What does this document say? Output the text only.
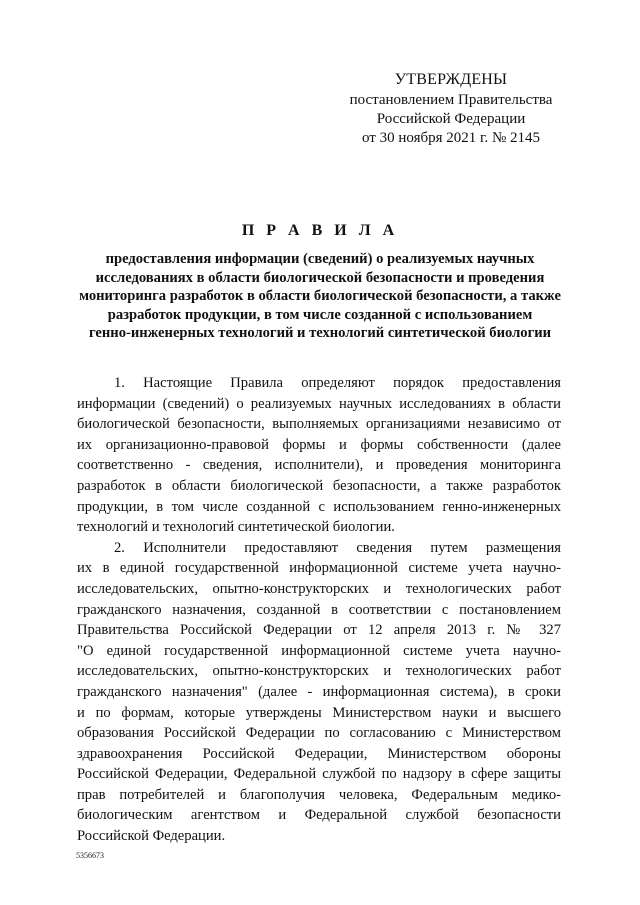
УТВЕРЖДЕНЫ
постановлением Правительства
Российской Федерации
от 30 ноября 2021 г. № 2145
П Р А В И Л А
предоставления информации (сведений) о реализуемых научных
исследованиях в области биологической безопасности и проведения
мониторинга разработок в области биологической безопасности, а также
разработок продукции, в том числе созданной с использованием
генно-инженерных технологий и технологий синтетической биологии
1. Настоящие Правила определяют порядок предоставления
информации (сведений) о реализуемых научных исследованиях в области
биологической безопасности, выполняемых организациями независимо от
их организационно-правовой формы и формы собственности (далее
соответственно - сведения, исполнители), и проведения мониторинга
разработок в области биологической безопасности, а также разработок
продукции, в том числе созданной с использованием генно-инженерных
технологий и технологий синтетической биологии.
2. Исполнители предоставляют сведения путем размещения
их в единой государственной информационной системе учета научно-
исследовательских, опытно-конструкторских и технологических работ
гражданского назначения, созданной в соответствии с постановлением
Правительства Российской Федерации от 12 апреля 2013 г. № 327
"О единой государственной информационной системе учета научно-
исследовательских, опытно-конструкторских и технологических работ
гражданского назначения" (далее - информационная система), в сроки
и по формам, которые утверждены Министерством науки и высшего
образования Российской Федерации по согласованию с Министерством
здравоохранения Российской Федерации, Министерством обороны
Российской Федерации, Федеральной службой по надзору в сфере защиты
прав потребителей и благополучия человека, Федеральным медико-
биологическим агентством и Федеральной службой безопасности
Российской Федерации.
5356673
